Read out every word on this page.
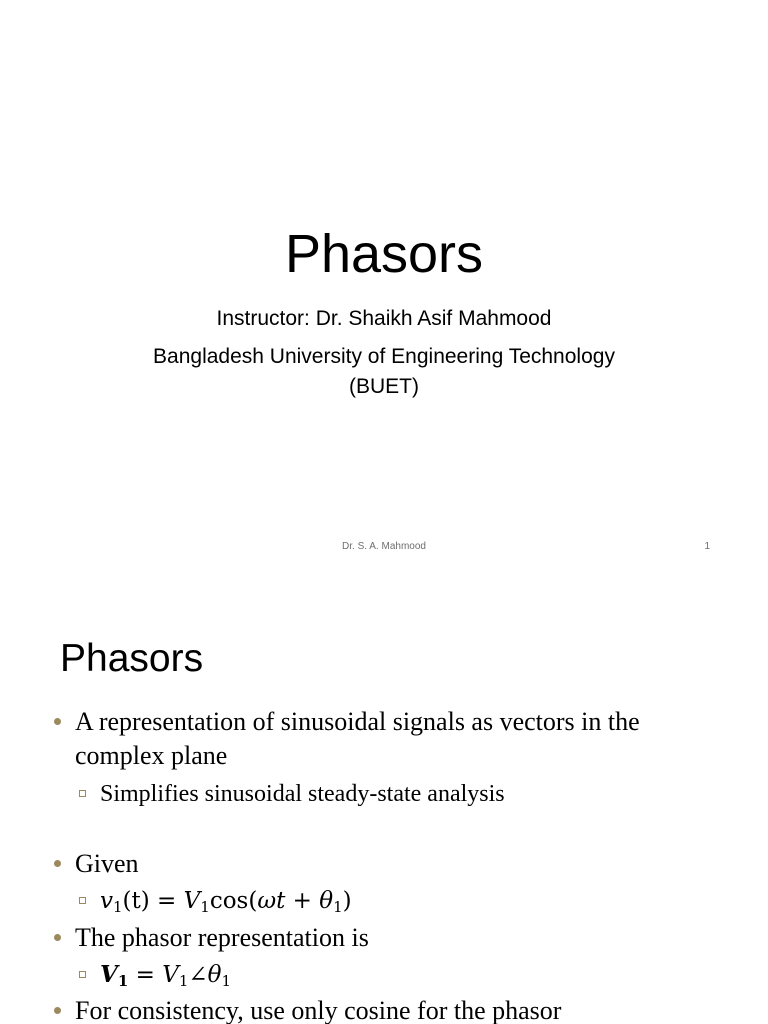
Phasors
Instructor: Dr. Shaikh Asif Mahmood
Bangladesh University of Engineering Technology
(BUET)
Dr. S. A. Mahmood	1
Phasors
A representation of sinusoidal signals as vectors in the complex plane
Simplifies sinusoidal steady-state analysis
Given
$v_1(t) = V_1\cos(\omega t + \theta_1)$
The phasor representation is
$V_1$ = $V_1\angle\theta_1$
For consistency, use only cosine for the phasor
